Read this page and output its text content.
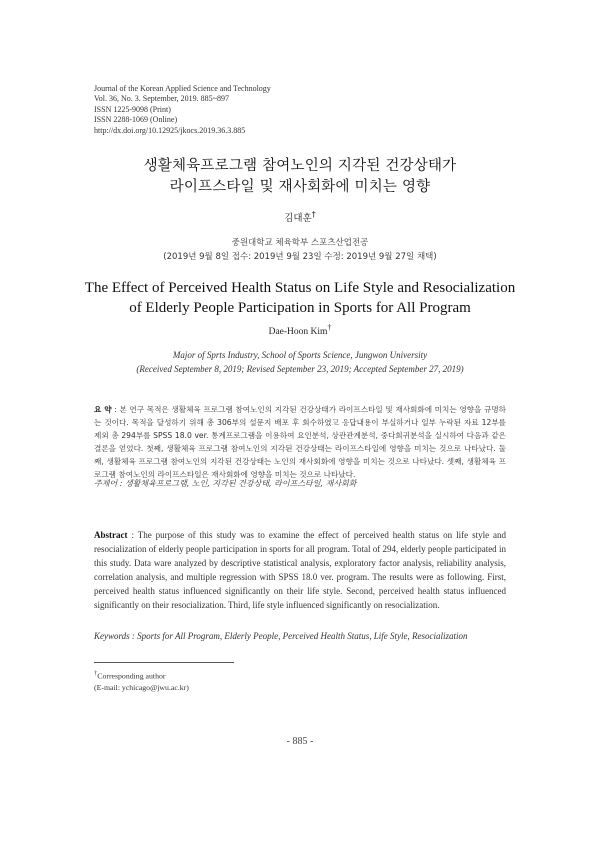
Journal of the Korean Applied Science and Technology
Vol. 36, No. 3. September, 2019. 885~897
ISSN 1225-9098 (Print)
ISSN 2288-1069 (Online)
http://dx.doi.org/10.12925/jkocs.2019.36.3.885
생활체육프로그램 참여노인의 지각된 건강상태가
라이프스타일 및 재사회화에 미치는 영향
김대훈†
중원대학교 체육학부 스포츠산업전공
(2019년 9월 8일 접수: 2019년 9월 23일 수정: 2019년 9월 27일 채택)
The Effect of Perceived Health Status on Life Style and Resocialization
of Elderly People Participation in Sports for All Program
Dae-Hoon Kim†
Major of Sprts Industry, School of Sports Science, Jungwon University
(Received September 8, 2019; Revised September 23, 2019; Accepted September 27, 2019)
요 약 : 본 연구 목적은 생활체육 프로그램 참여노인의 지각된 건강상태가 라이프스타일 및 재사회화에 미치는 영향을 규명하는 것이다. 목적을 달성하기 위해 총 306부의 설문지 배포 후 회수하였고 응답내용이 부실하거나 일부 누락된 자료 12부를 제외 총 294부를 SPSS 18.0 ver. 통계프로그램을 이용하여 요인분석, 상관관계분석, 중다회귀분석을 실시하여 다음과 같은 결론을 얻었다. 첫째, 생활체육 프로그램 참여노인의 지각된 건강상태는 라이프스타일에 영향을 미치는 것으로 나타났다. 둘째, 생활체육 프로그램 참여노인의 지각된 건강상태는 노인의 재사회화에 영향을 미치는 것으로 나타났다. 셋째, 생활체육 프로그램 참여노인의 라이프스타일은 재사회화에 영향을 미치는 것으로 나타났다.
주제어 : 생활체육프로그램, 노인, 지각된 건강상태, 라이프스타일, 재사회화
Abstract : The purpose of this study was to examine the effect of perceived health status on life style and resocialization of elderly people participation in sports for all program. Total of 294, elderly people participated in this study. Data ware analyzed by descriptive statistical analysis, exploratory factor analysis, reliability analysis, correlation analysis, and multiple regression with SPSS 18.0 ver. program. The results were as following. First, perceived health status influenced significantly on their life style. Second, perceived health status influenced significantly on their resocialization. Third, life style influenced significantly on resocialization.
Keywords : Sports for All Program, Elderly People, Perceived Health Status, Life Style, Resocialization
†Corresponding author
(E-mail: ychicago@jwu.ac.kr)
- 885 -
